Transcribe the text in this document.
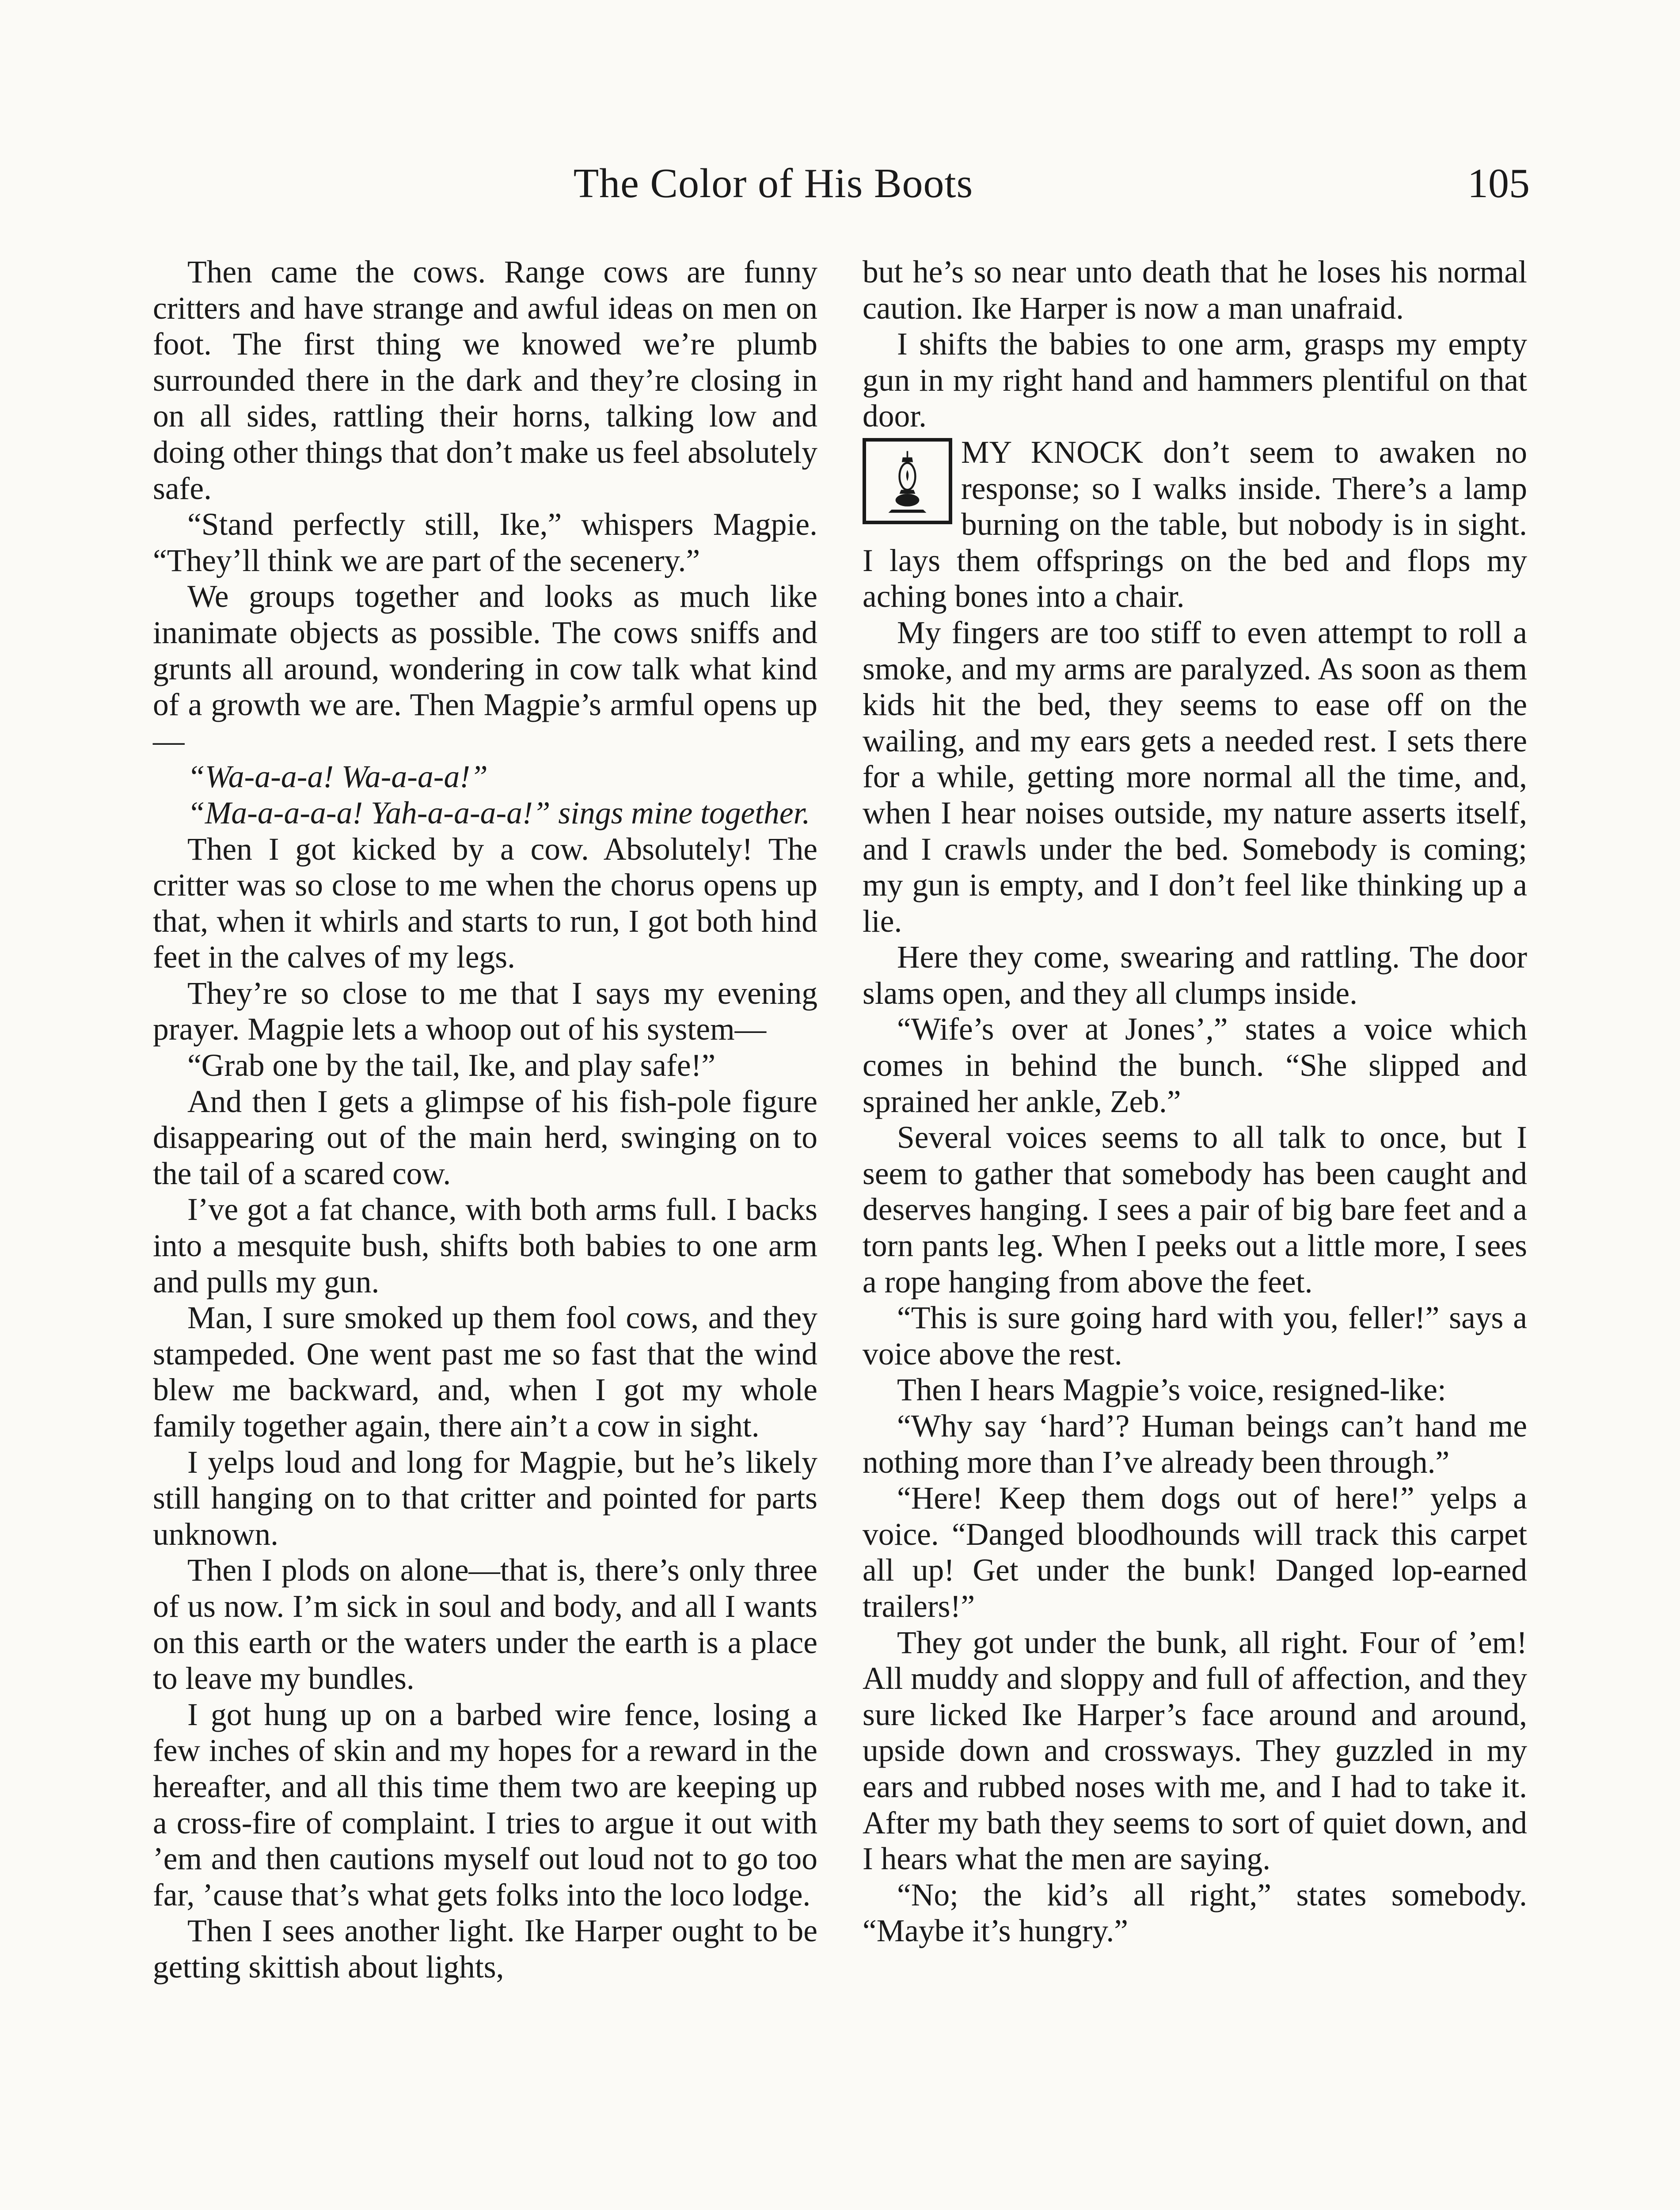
The Color of His Boots	105

Then came the cows. Range cows are funny critters and have strange and awful ideas on men on foot. The first thing we knowed we’re plumb surrounded there in the dark and they’re closing in on all sides, rattling their horns, talking low and doing other things that don’t make us feel absolutely safe.

“Stand perfectly still, Ike,” whispers Magpie. “They’ll think we are part of the secenery.”

We groups together and looks as much like inanimate objects as possible. The cows sniffs and grunts all around, wondering in cow talk what kind of a growth we are. Then Magpie’s armful opens up—

“Wa-a-a-a! Wa-a-a-a!”

“Ma-a-a-a-a! Yah-a-a-a-a!” sings mine together.

Then I got kicked by a cow. Absolutely! The critter was so close to me when the chorus opens up that, when it whirls and starts to run, I got both hind feet in the calves of my legs.

They’re so close to me that I says my evening prayer. Magpie lets a whoop out of his system—

“Grab one by the tail, Ike, and play safe!”

And then I gets a glimpse of his fish-pole figure disappearing out of the main herd, swinging on to the tail of a scared cow.

I’ve got a fat chance, with both arms full. I backs into a mesquite bush, shifts both babies to one arm and pulls my gun.

Man, I sure smoked up them fool cows, and they stampeded. One went past me so fast that the wind blew me backward, and, when I got my whole family together again, there ain’t a cow in sight.

I yelps loud and long for Magpie, but he’s likely still hanging on to that critter and pointed for parts unknown.

Then I plods on alone—that is, there’s only three of us now. I’m sick in soul and body, and all I wants on this earth or the waters under the earth is a place to leave my bundles.

I got hung up on a barbed wire fence, losing a few inches of skin and my hopes for a reward in the hereafter, and all this time them two are keeping up a cross-fire of complaint. I tries to argue it out with ’em and then cautions myself out loud not to go too far, ’cause that’s what gets folks into the loco lodge.

Then I sees another light. Ike Harper ought to be getting skittish about lights,

but he’s so near unto death that he loses his normal caution. Ike Harper is now a man unafraid.

I shifts the babies to one arm, grasps my empty gun in my right hand and hammers plentiful on that door.

MY KNOCK don’t seem to awaken no response; so I walks inside. There’s a lamp burning on the table, but nobody is in sight. I lays them offsprings on the bed and flops my aching bones into a chair.

My fingers are too stiff to even attempt to roll a smoke, and my arms are paralyzed. As soon as them kids hit the bed, they seems to ease off on the wailing, and my ears gets a needed rest. I sets there for a while, getting more normal all the time, and, when I hear noises outside, my nature asserts itself, and I crawls under the bed. Somebody is coming; my gun is empty, and I don’t feel like thinking up a lie.

Here they come, swearing and rattling. The door slams open, and they all clumps inside.

“Wife’s over at Jones’,” states a voice which comes in behind the bunch. “She slipped and sprained her ankle, Zeb.”

Several voices seems to all talk to once, but I seem to gather that somebody has been caught and deserves hanging. I sees a pair of big bare feet and a torn pants leg. When I peeks out a little more, I sees a rope hanging from above the feet.

“This is sure going hard with you, feller!” says a voice above the rest.

Then I hears Magpie’s voice, resigned-like:

“Why say ‘hard’? Human beings can’t hand me nothing more than I’ve already been through.”

“Here! Keep them dogs out of here!” yelps a voice. “Danged bloodhounds will track this carpet all up! Get under the bunk! Danged lop-earned trailers!”

They got under the bunk, all right. Four of ’em! All muddy and sloppy and full of affection, and they sure licked Ike Harper’s face around and around, upside down and crossways. They guzzled in my ears and rubbed noses with me, and I had to take it. After my bath they seems to sort of quiet down, and I hears what the men are saying.

“No; the kid’s all right,” states somebody. “Maybe it’s hungry.”
